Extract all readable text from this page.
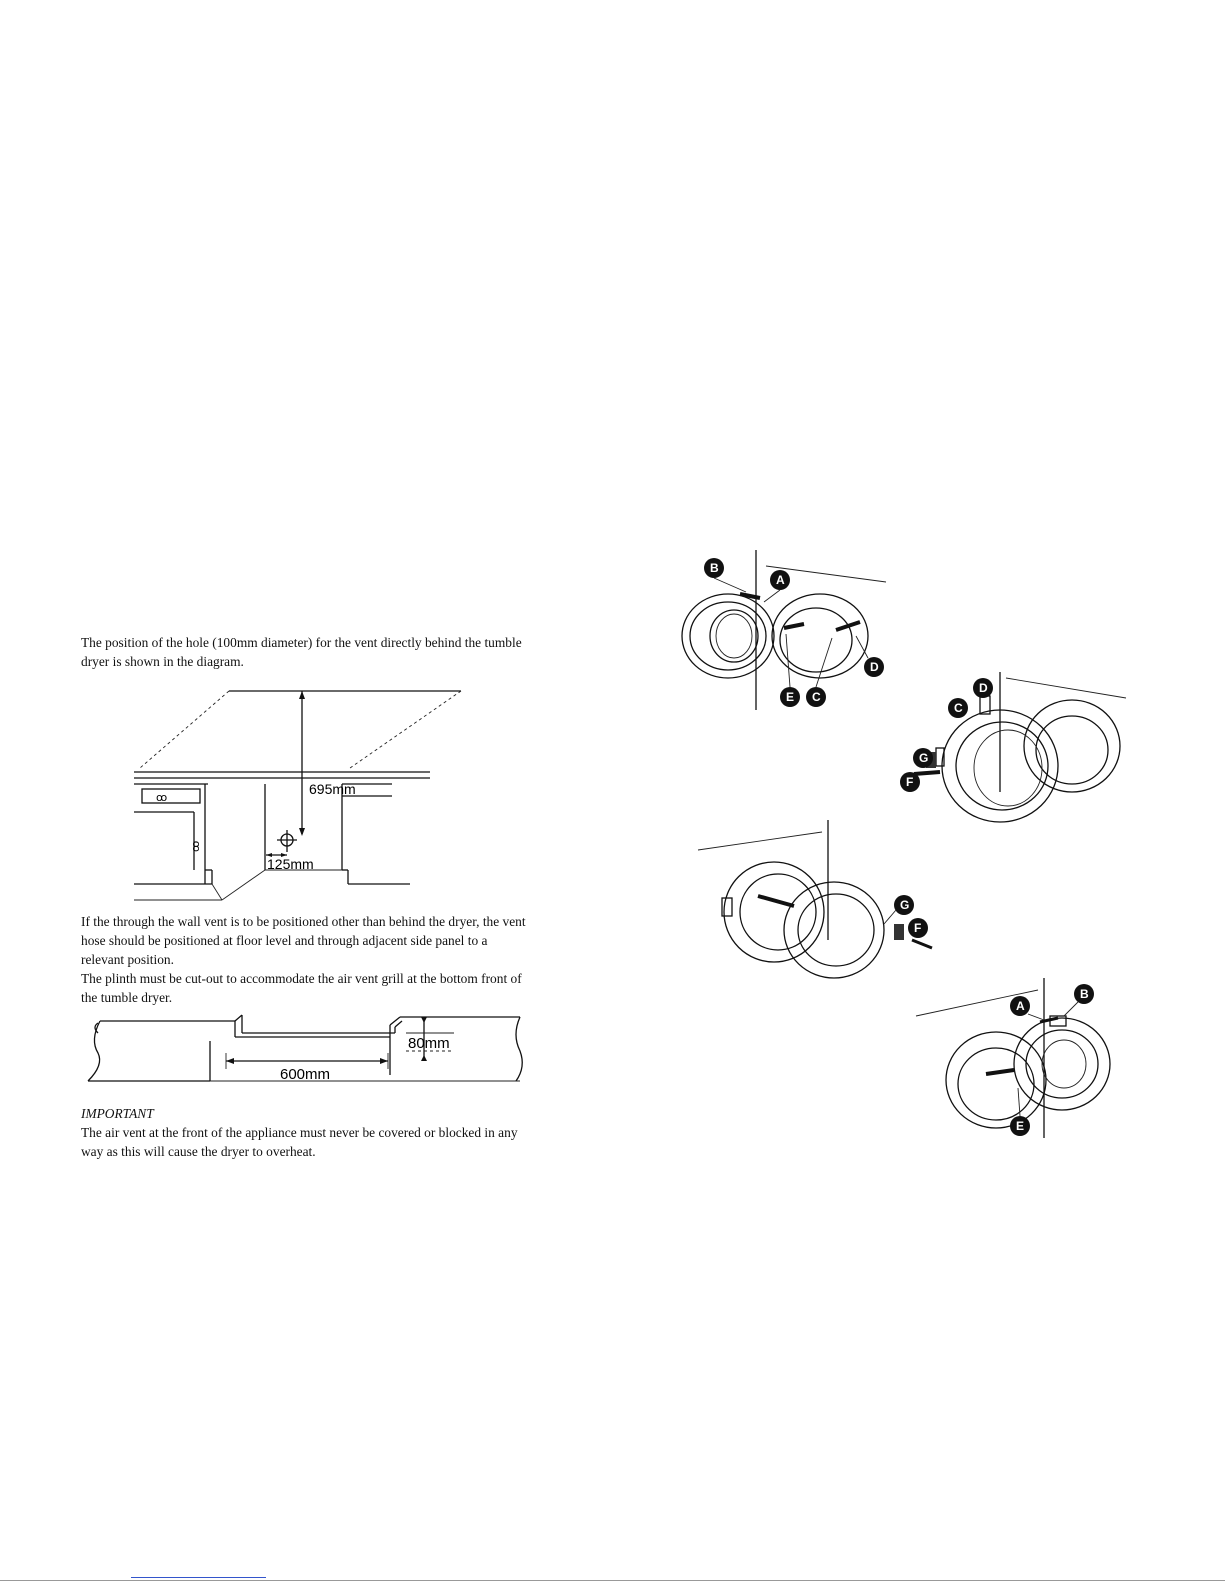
The position of the hole (100mm diameter) for the vent directly behind the tumble dryer is shown in the diagram.

ꝏ
ꝏ
695mm
125mm

If the through the wall vent is to be positioned other than behind the dryer, the vent hose should be positioned at floor level and through adjacent side panel to a relevant position.

The plinth must be cut-out to accommodate the air vent grill at the bottom front of the tumble dryer.

80mm
600mm

IMPORTANT

The air vent at the front of the appliance must never be covered or blocked in any way as this will cause the dryer to overheat.

B
A
D
E C
D
C
G
F
G
F
A
B
E
